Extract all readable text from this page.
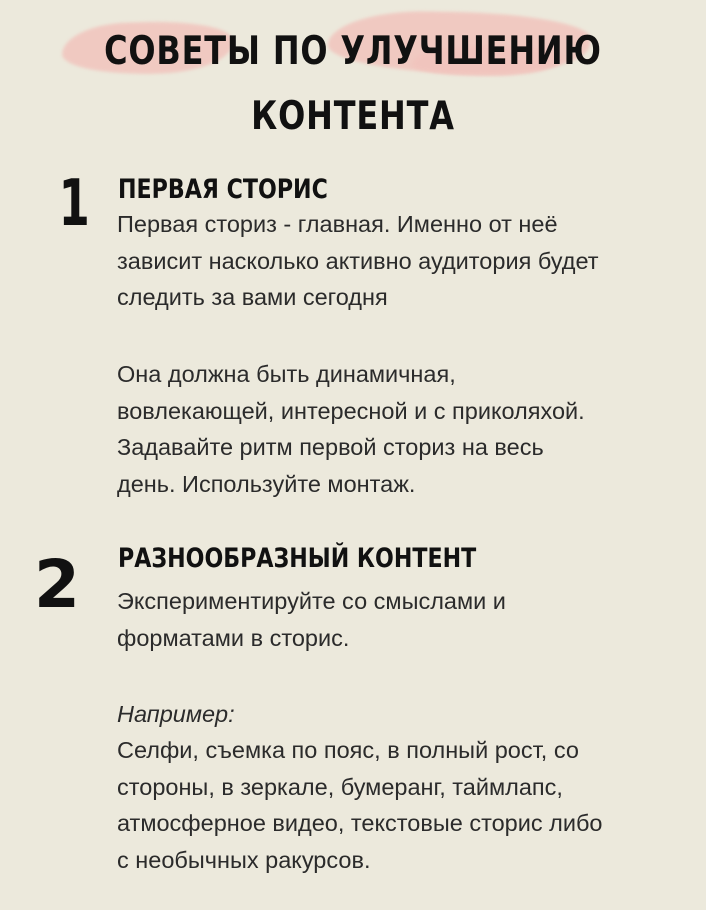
СОВЕТЫ ПО УЛУЧШЕНИЮ
КОНТЕНТА
1 ПЕРВАЯ СТОРИС
Первая сториз - главная. Именно от неё
зависит насколько активно аудитория будет
следить за вами сегодня
Она должна быть динамичная,
вовлекающей, интересной и с приколяхой.
Задавайте ритм первой сториз на весь
день. Используйте монтаж.
2 РАЗНООБРАЗНЫЙ КОНТЕНТ
Экспериментируйте со смыслами и
форматами в сторис.
Например:
Селфи, съемка по пояс, в полный рост, со
стороны, в зеркале, бумеранг, таймлапс,
атмосферное видео, текстовые сторис либо
с необычных ракурсов.
